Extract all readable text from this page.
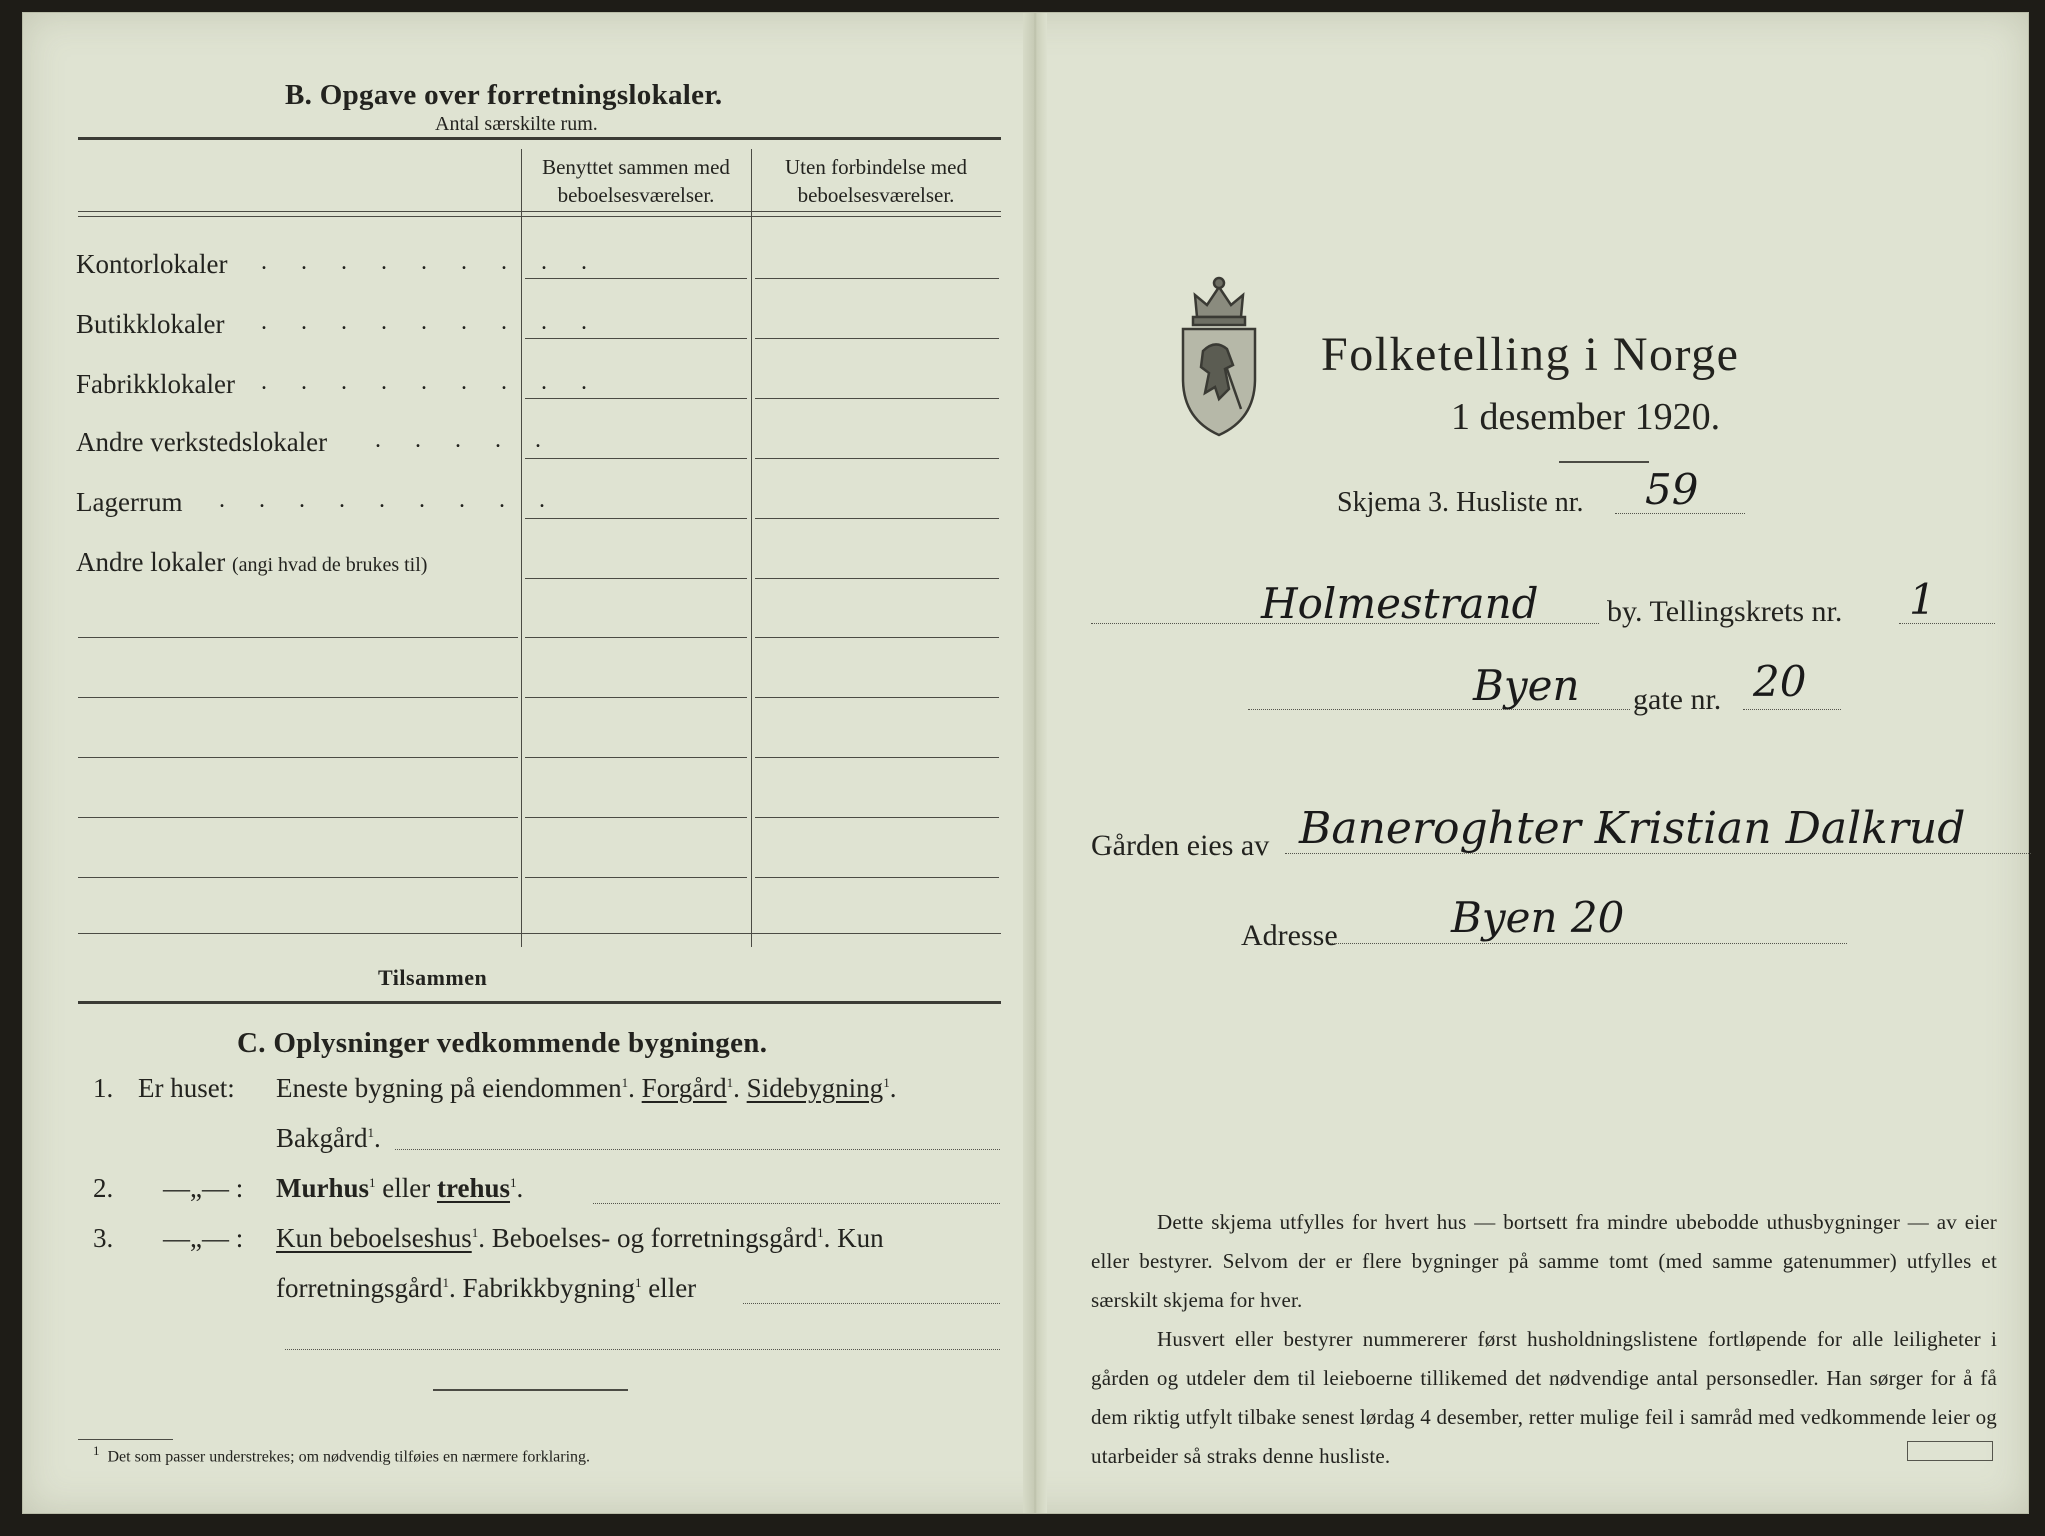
B. Opgave over forretningslokaler.
Antal særskilte rum.
Benyttet sammen med
beboelsesværelser.
Uten forbindelse med
beboelsesværelser.
Kontorlokaler . . . . . . . . .
Butikklokaler . . . . . . . . .
Fabrikklokaler . . . . . . . . .
Andre verkstedslokaler . . . . .
Lagerrum . . . . . . . . .
Andre lokaler (angi hvad de brukes til)
Tilsammen
C. Oplysninger vedkommende bygningen.
1. Er huset: Eneste bygning på eiendommen$^1$. Forgård$^1$. Sidebygning$^1$.
Bakgård$^1$.
2. —„— : Murhus$^1$ eller trehus$^1$.
3. —„— : Kun beboelseshus$^1$. Beboelses- og forretningsgård$^1$. Kun
forretningsgård$^1$. Fabrikkbygning$^1$ eller
$^1$ Det som passer understrekes; om nødvendig tilføies en nærmere forklaring.
Folketelling i Norge
1 desember 1920.
Skjema 3. Husliste nr. 59
Holmestrand by. Tellingskrets nr. 1
Byen gate nr. 20
Gården eies av Baneroghter Kristian Dalkrud
Adresse	Byen 20
Dette skjema utfylles for hvert hus — bortsett fra mindre ubebodde uthusbygninger — av eier eller bestyrer. Selvom der er flere bygninger på samme tomt (med samme gatenummer) utfylles et særskilt skjema for hver.
Husvert eller bestyrer nummererer først husholdningslistene fortløpende for alle leiligheter i gården og utdeler dem til leieboerne tillikemed det nødvendige antal personsedler. Han sørger for å få dem riktig utfylt tilbake senest lørdag 4 desember, retter mulige feil i samråd med vedkommende leier og utarbeider så straks denne husliste.
